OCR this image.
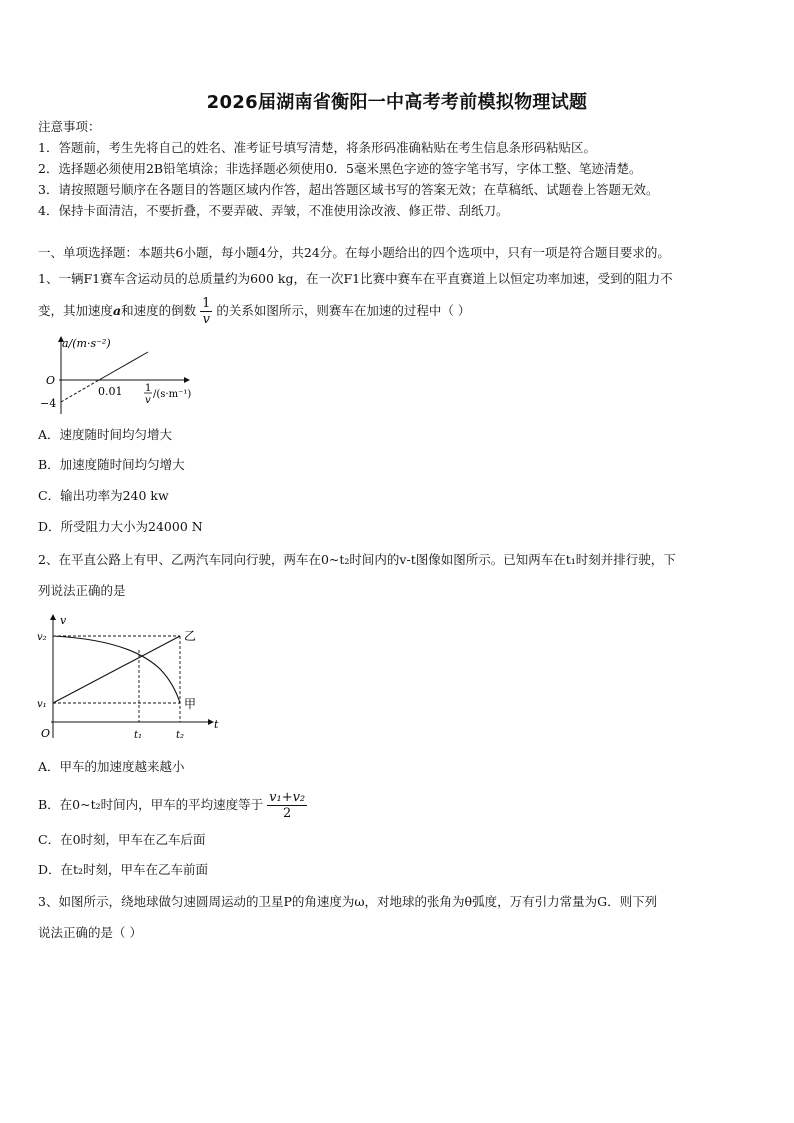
2026届湖南省衡阳一中高考考前模拟物理试题
注意事项：
1．答题前，考生先将自己的姓名、准考证号填写清楚，将条形码准确粘贴在考生信息条形码粘贴区。
2．选择题必须使用2B铅笔填涂；非选择题必须使用0．5毫米黑色字迹的签字笔书写，字体工整、笔迹清楚。
3．请按照题号顺序在各题目的答题区域内作答，超出答题区域书写的答案无效；在草稿纸、试题卷上答题无效。
4．保持卡面清洁，不要折叠，不要弄破、弄皱，不准使用涂改液、修正带、刮纸刀。
一、单项选择题：本题共6小题，每小题4分，共24分。在每小题给出的四个选项中，只有一项是符合题目要求的。
1、一辆F1赛车含运动员的总质量约为600 kg，在一次F1比赛中赛车在平直赛道上以恒定功率加速，受到的阻力不
变，其加速度a和速度的倒数 $\frac{1}{v}$ 的关系如图所示，则赛车在加速的过程中（ ）
a/(m·s⁻²)
O
−4
0.01 1
v
/(s·m⁻¹)
A．速度随时间均匀增大
B．加速度随时间均匀增大
C．输出功率为240 kw
D．所受阻力大小为24000 N
2、在平直公路上有甲、乙两汽车同向行驶，两车在0~t₂时间内的v-t图像如图所示。已知两车在t₁时刻并排行驶，下
列说法正确的是
v
t
O
v₂
v₁
t₁	t₂
乙
甲
A．甲车的加速度越来越小
B．在0~t₂时间内，甲车的平均速度等于 $\frac{\text{v₁+v₂}}{2}$
C．在0时刻，甲车在乙车后面
D．在t₂时刻，甲车在乙车前面
3、如图所示，绕地球做匀速圆周运动的卫星P的角速度为ω，对地球的张角为θ弧度，万有引力常量为G．则下列
说法正确的是（ ）
